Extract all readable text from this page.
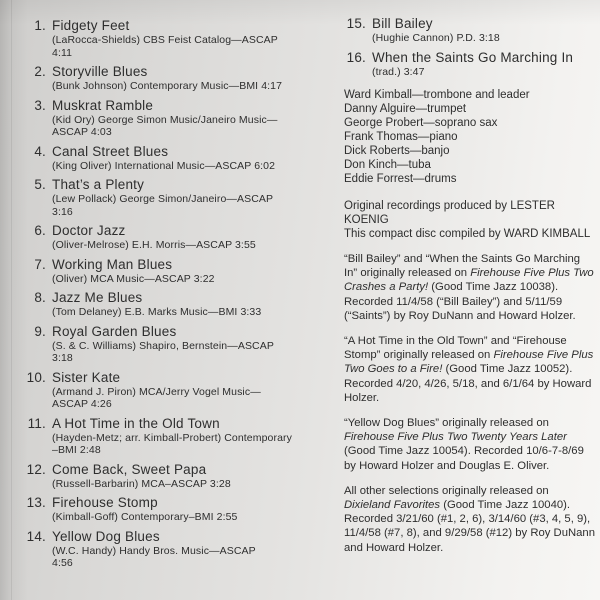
1. Fidgety Feet
(LaRocca-Shields) CBS Feist Catalog—ASCAP
4:11
2. Storyville Blues
(Bunk Johnson) Contemporary Music—BMI 4:17
3. Muskrat Ramble
(Kid Ory) George Simon Music/Janeiro Music—
ASCAP 4:03
4. Canal Street Blues
(King Oliver) International Music—ASCAP 6:02
5. That’s a Plenty
(Lew Pollack) George Simon/Janeiro—ASCAP
3:16
6. Doctor Jazz
(Oliver-Melrose) E.H. Morris—ASCAP 3:55
7. Working Man Blues
(Oliver) MCA Music—ASCAP 3:22
8. Jazz Me Blues
(Tom Delaney) E.B. Marks Music—BMI 3:33
9. Royal Garden Blues
(S. & C. Williams) Shapiro, Bernstein—ASCAP
3:18
10. Sister Kate
(Armand J. Piron) MCA/Jerry Vogel Music—
ASCAP 4:26
11. A Hot Time in the Old Town
(Hayden-Metz; arr. Kimball-Probert) Contemporary
–BMI 2:48
12. Come Back, Sweet Papa
(Russell-Barbarin) MCA–ASCAP 3:28
13. Firehouse Stomp
(Kimball-Goff) Contemporary–BMI 2:55
14. Yellow Dog Blues
(W.C. Handy) Handy Bros. Music—ASCAP
4:56
15. Bill Bailey
(Hughie Cannon) P.D. 3:18
16. When the Saints Go Marching In
(trad.) 3:47
Ward Kimball—trombone and leader
Danny Alguire—trumpet
George Probert—soprano sax
Frank Thomas—piano
Dick Roberts—banjo
Don Kinch—tuba
Eddie Forrest—drums
Original recordings produced by LESTER
KOENIG
This compact disc compiled by WARD KIMBALL

“Bill Bailey” and “When the Saints Go Marching In” originally released on Firehouse Five Plus Two Crashes a Party! (Good Time Jazz 10038). Recorded 11/4/58 (“Bill Bailey”) and 5/11/59 (“Saints”) by Roy DuNann and Howard Holzer.

“A Hot Time in the Old Town” and “Firehouse Stomp” originally released on Firehouse Five Plus Two Goes to a Fire! (Good Time Jazz 10052). Recorded 4/20, 4/26, 5/18, and 6/1/64 by Howard Holzer.

“Yellow Dog Blues” originally released on Firehouse Five Plus Two Twenty Years Later (Good Time Jazz 10054). Recorded 10/6-7-8/69 by Howard Holzer and Douglas E. Oliver.

All other selections originally released on Dixieland Favorites (Good Time Jazz 10040). Recorded 3/21/60 (#1, 2, 6), 3/14/60 (#3, 4, 5, 9), 11/4/58 (#7, 8), and 9/29/58 (#12) by Roy DuNann and Howard Holzer.
